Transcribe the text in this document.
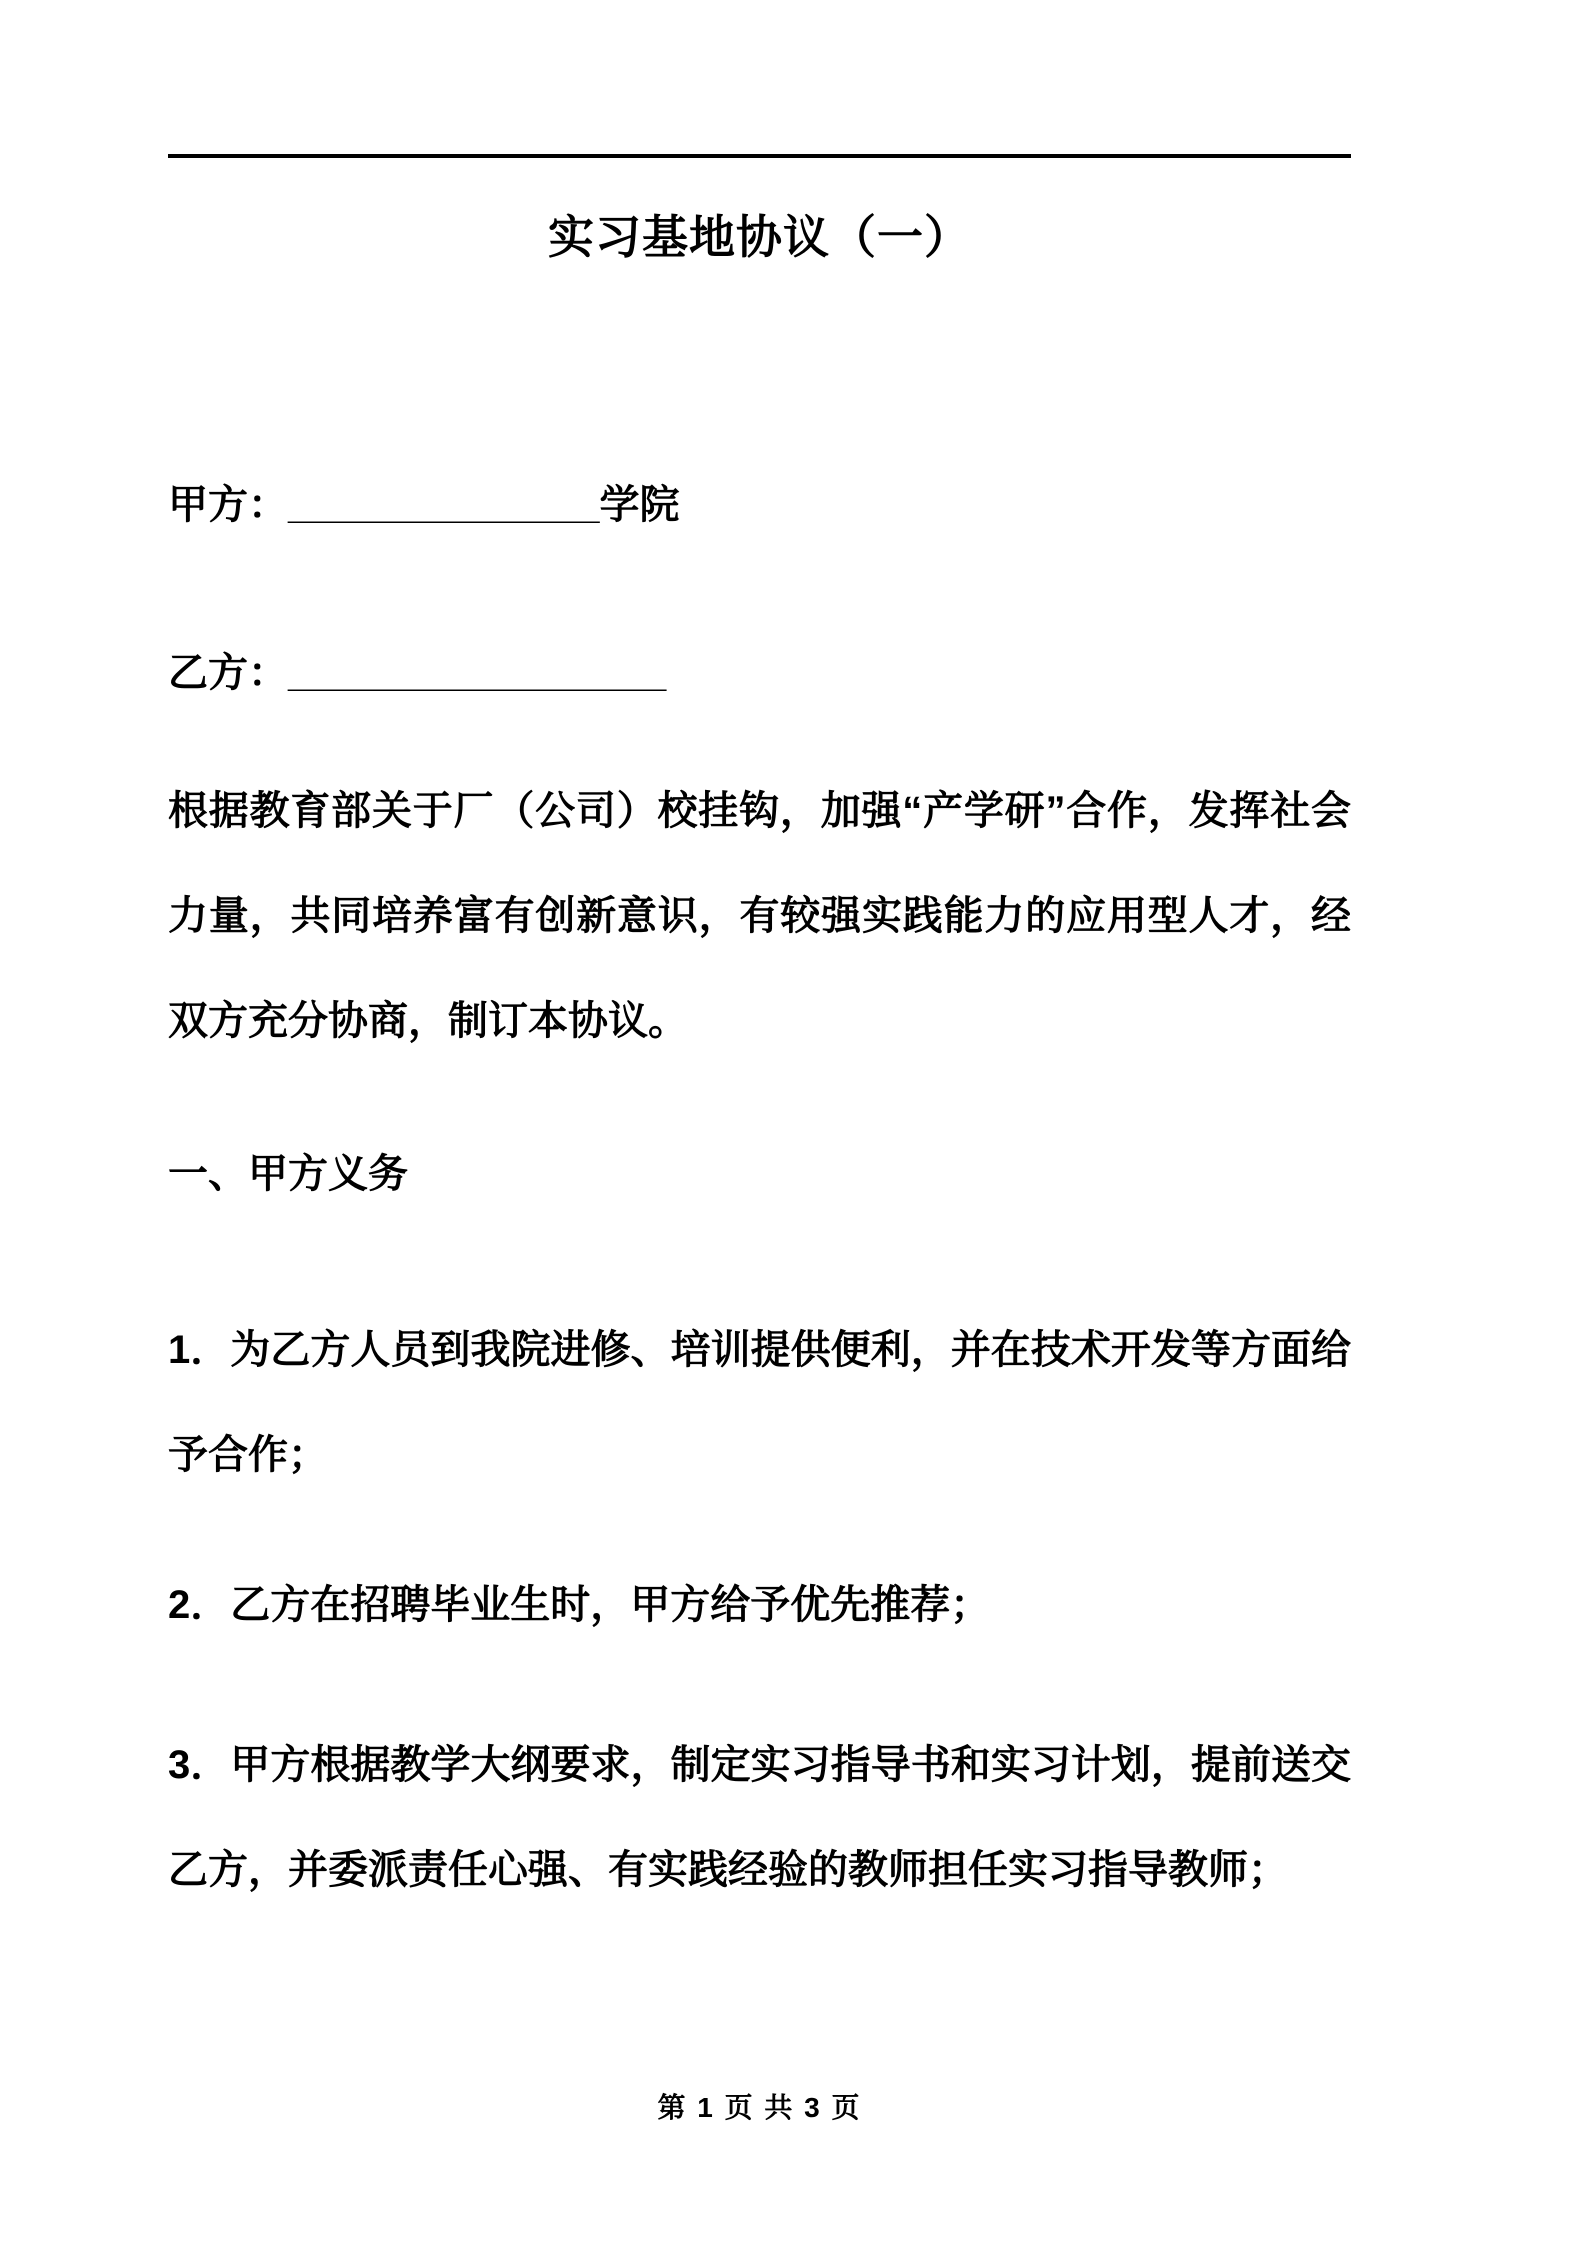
实习基地协议（一）
甲方：______________学院
乙方：_________________
根据教育部关于厂（公司）校挂钩，加强“产学研”合作，发挥社会力量，共同培养富有创新意识，有较强实践能力的应用型人才，经双方充分协商，制订本协议。
一、甲方义务
1．为乙方人员到我院进修、培训提供便利，并在技术开发等方面给予合作；
2．乙方在招聘毕业生时，甲方给予优先推荐；
3．甲方根据教学大纲要求，制定实习指导书和实习计划，提前送交乙方，并委派责任心强、有实践经验的教师担任实习指导教师；
第 1 页 共 3 页
